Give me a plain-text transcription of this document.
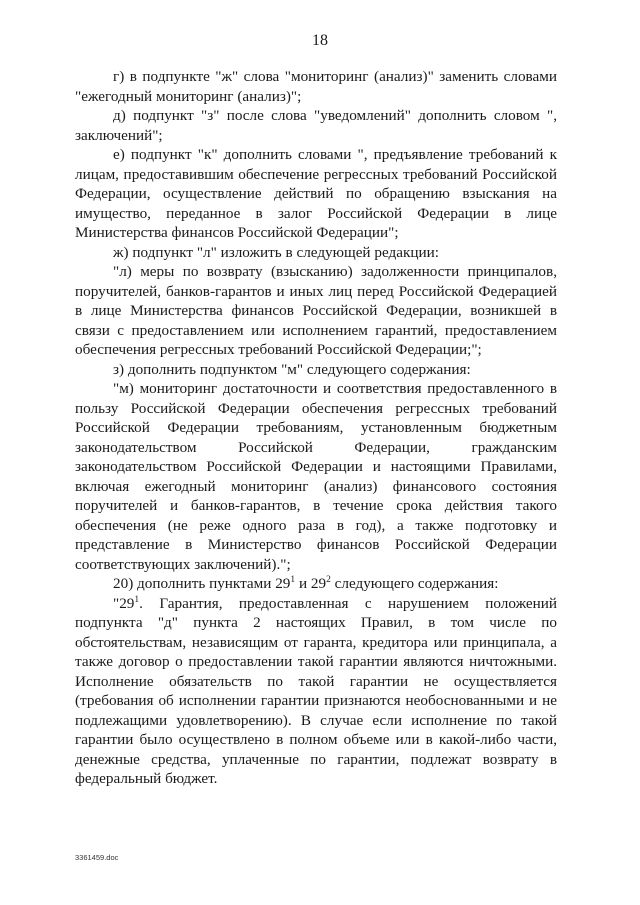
18

г) в подпункте "ж" слова "мониторинг (анализ)" заменить словами "ежегодный мониторинг (анализ)";

д) подпункт "з" после слова "уведомлений" дополнить словом ", заключений";

е) подпункт "к" дополнить словами ", предъявление требований к лицам, предоставившим обеспечение регрессных требований Российской Федерации, осуществление действий по обращению взыскания на имущество, переданное в залог Российской Федерации в лице Министерства финансов Российской Федерации";

ж) подпункт "л" изложить в следующей редакции:

"л) меры по возврату (взысканию) задолженности принципалов, поручителей, банков-гарантов и иных лиц перед Российской Федерацией в лице Министерства финансов Российской Федерации, возникшей в связи с предоставлением или исполнением гарантий, предоставлением обеспечения регрессных требований Российской Федерации;";

з) дополнить подпунктом "м" следующего содержания:

"м) мониторинг достаточности и соответствия предоставленного в пользу Российской Федерации обеспечения регрессных требований Российской Федерации требованиям, установленным бюджетным законодательством Российской Федерации, гражданским законодательством Российской Федерации и настоящими Правилами, включая ежегодный мониторинг (анализ) финансового состояния поручителей и банков-гарантов, в течение срока действия такого обеспечения (не реже одного раза в год), а также подготовку и представление в Министерство финансов Российской Федерации соответствующих заключений).";

20) дополнить пунктами $29^1$ и $29^2$ следующего содержания:

"$29^1$. Гарантия, предоставленная с нарушением положений подпункта "д" пункта 2 настоящих Правил, в том числе по обстоятельствам, независящим от гаранта, кредитора или принципала, а также договор о предоставлении такой гарантии являются ничтожными. Исполнение обязательств по такой гарантии не осуществляется (требования об исполнении гарантии признаются необоснованными и не подлежащими удовлетворению). В случае если исполнение по такой гарантии было осуществлено в полном объеме или в какой-либо части, денежные средства, уплаченные по гарантии, подлежат возврату в федеральный бюджет.

3361459.doc
